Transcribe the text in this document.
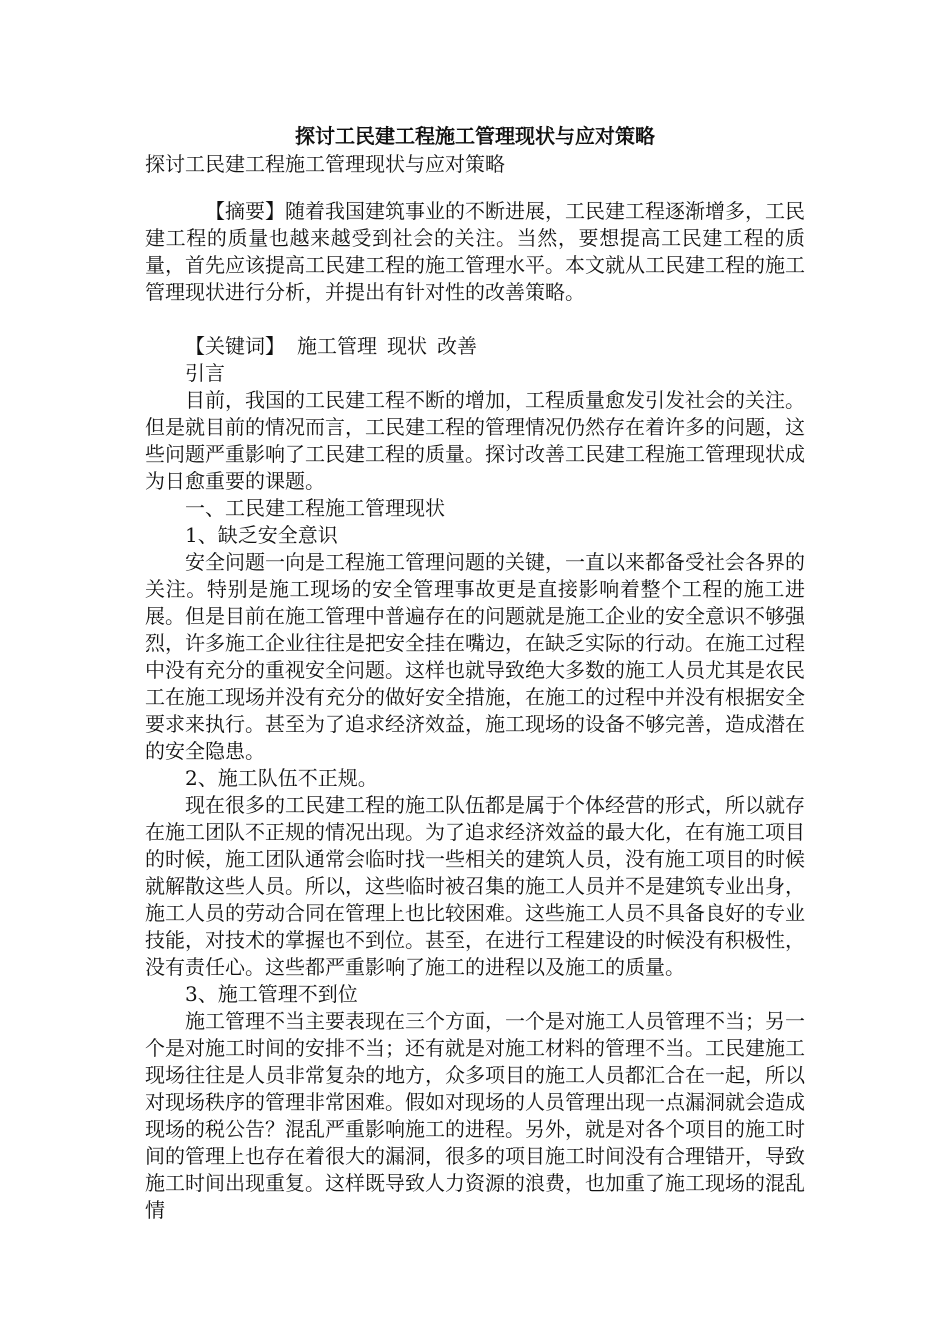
探讨工民建工程施工管理现状与应对策略
探讨工民建工程施工管理现状与应对策略

【摘要】随着我国建筑事业的不断进展，工民建工程逐渐增多，工民建工程的质量也越来越受到社会的关注。当然，要想提高工民建工程的质量，首先应该提高工民建工程的施工管理水平。本文就从工民建工程的施工管理现状进行分析，并提出有针对性的改善策略。

【关键词】 施工管理 现状 改善

引言

目前，我国的工民建工程不断的增加，工程质量愈发引发社会的关注。但是就目前的情况而言，工民建工程的管理情况仍然存在着许多的问题，这些问题严重影响了工民建工程的质量。探讨改善工民建工程施工管理现状成为日愈重要的课题。

一、工民建工程施工管理现状

1、缺乏安全意识

安全问题一向是工程施工管理问题的关键，一直以来都备受社会各界的关注。特别是施工现场的安全管理事故更是直接影响着整个工程的施工进展。但是目前在施工管理中普遍存在的问题就是施工企业的安全意识不够强烈，许多施工企业往往是把安全挂在嘴边，在缺乏实际的行动。在施工过程中没有充分的重视安全问题。这样也就导致绝大多数的施工人员尤其是农民工在施工现场并没有充分的做好安全措施，在施工的过程中并没有根据安全要求来执行。甚至为了追求经济效益，施工现场的设备不够完善，造成潜在的安全隐患。

2、施工队伍不正规。

现在很多的工民建工程的施工队伍都是属于个体经营的形式，所以就存在施工团队不正规的情况出现。为了追求经济效益的最大化，在有施工项目的时候，施工团队通常会临时找一些相关的建筑人员，没有施工项目的时候就解散这些人员。所以，这些临时被召集的施工人员并不是建筑专业出身，施工人员的劳动合同在管理上也比较困难。这些施工人员不具备良好的专业技能，对技术的掌握也不到位。甚至，在进行工程建设的时候没有积极性，没有责任心。这些都严重影响了施工的进程以及施工的质量。

3、施工管理不到位

施工管理不当主要表现在三个方面，一个是对施工人员管理不当；另一个是对施工时间的安排不当；还有就是对施工材料的管理不当。工民建施工现场往往是人员非常复杂的地方，众多项目的施工人员都汇合在一起，所以对现场秩序的管理非常困难。假如对现场的人员管理出现一点漏洞就会造成现场的税公告？混乱严重影响施工的进程。另外，就是对各个项目的施工时间的管理上也存在着很大的漏洞，很多的项目施工时间没有合理错开，导致施工时间出现重复。这样既导致人力资源的浪费，也加重了施工现场的混乱情
